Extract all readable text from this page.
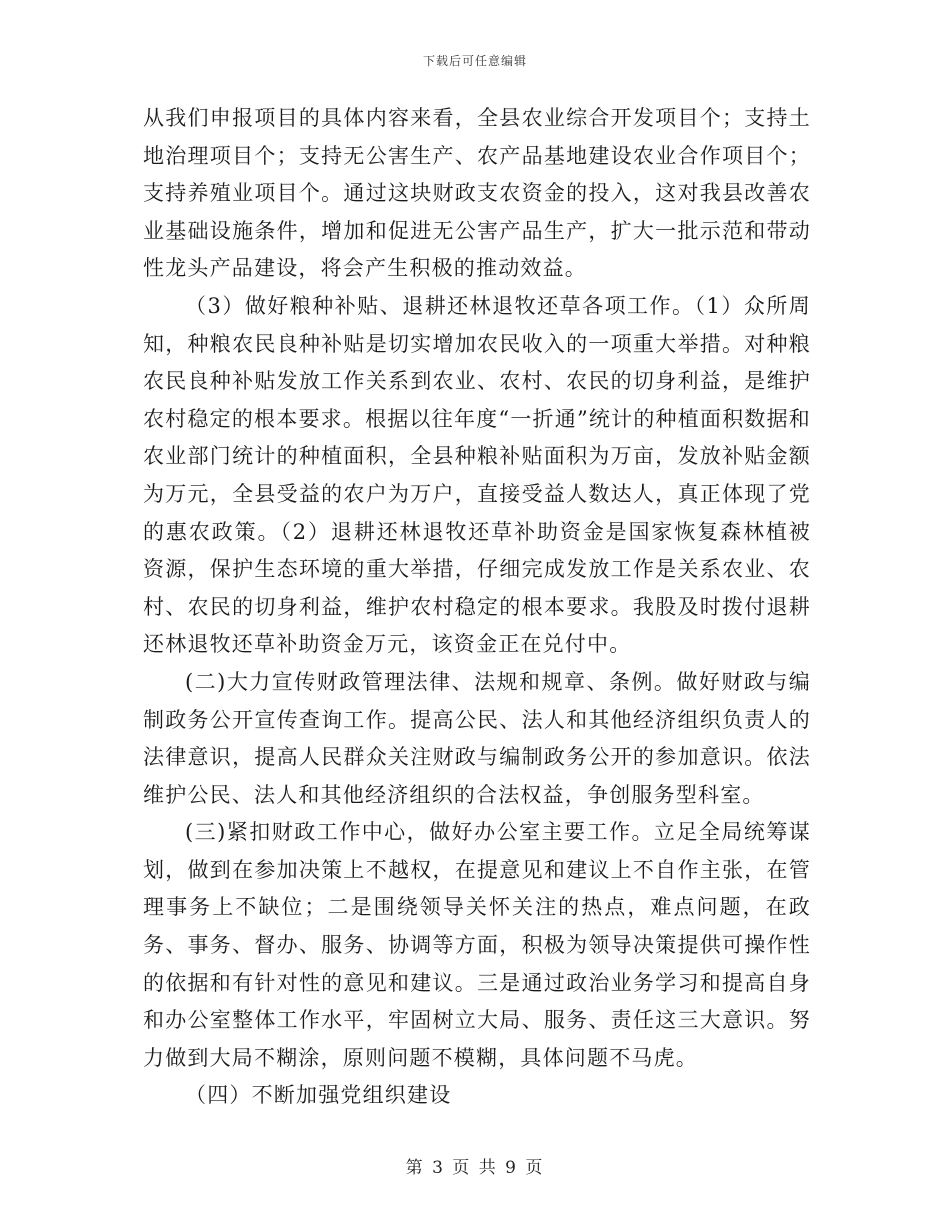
下载后可任意编辑

从我们申报项目的具体内容来看，全县农业综合开发项目个；支持土地治理项目个；支持无公害生产、农产品基地建设农业合作项目个；支持养殖业项目个。通过这块财政支农资金的投入，这对我县改善农业基础设施条件，增加和促进无公害产品生产，扩大一批示范和带动性龙头产品建设，将会产生积极的推动效益。

（3）做好粮种补贴、退耕还林退牧还草各项工作。（1）众所周知，种粮农民良种补贴是切实增加农民收入的一项重大举措。对种粮农民良种补贴发放工作关系到农业、农村、农民的切身利益，是维护农村稳定的根本要求。根据以往年度“一折通”统计的种植面积数据和农业部门统计的种植面积，全县种粮补贴面积为万亩，发放补贴金额为万元，全县受益的农户为万户，直接受益人数达人，真正体现了党的惠农政策。（2）退耕还林退牧还草补助资金是国家恢复森林植被资源，保护生态环境的重大举措，仔细完成发放工作是关系农业、农村、农民的切身利益，维护农村稳定的根本要求。我股及时拨付退耕还林退牧还草补助资金万元，该资金正在兑付中。

(二)大力宣传财政管理法律、法规和规章、条例。做好财政与编制政务公开宣传查询工作。提高公民、法人和其他经济组织负责人的法律意识，提高人民群众关注财政与编制政务公开的参加意识。依法维护公民、法人和其他经济组织的合法权益，争创服务型科室。

(三)紧扣财政工作中心，做好办公室主要工作。立足全局统筹谋划，做到在参加决策上不越权，在提意见和建议上不自作主张，在管理事务上不缺位；二是围绕领导关怀关注的热点，难点问题，在政务、事务、督办、服务、协调等方面，积极为领导决策提供可操作性的依据和有针对性的意见和建议。三是通过政治业务学习和提高自身和办公室整体工作水平，牢固树立大局、服务、责任这三大意识。努力做到大局不糊涂，原则问题不模糊，具体问题不马虎。

（四）不断加强党组织建设

第 3 页 共 9 页
